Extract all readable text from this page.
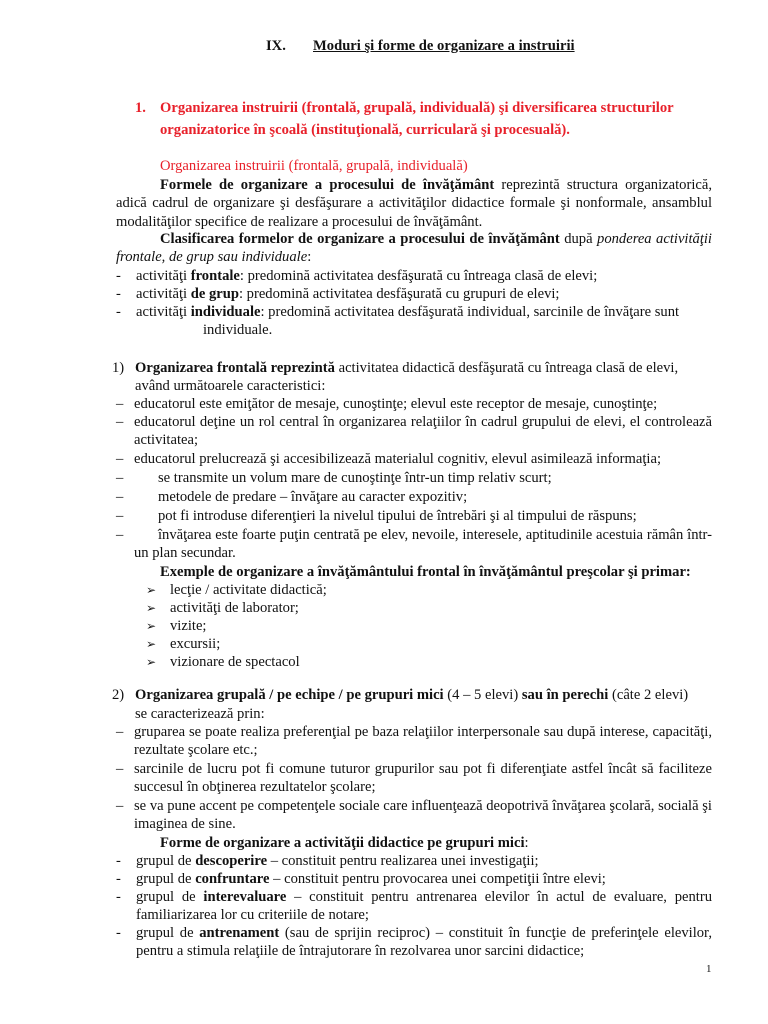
IX. Moduri şi forme de organizare a instruirii
1. Organizarea instruirii (frontală, grupală, individuală) şi diversificarea structurilor
organizatorice în şcoală (instituţională, curriculară şi procesuală).
Organizarea instruirii (frontală, grupală, individuală)
Formele de organizare a procesului de învăţământ reprezintă structura organizatorică, adică cadrul de organizare şi desfăşurare a activităţilor didactice formale şi nonformale, ansamblul modalităţilor specifice de realizare a procesului de învăţământ.
Clasificarea formelor de organizare a procesului de învăţământ după ponderea activităţii frontale, de grup sau individuale:
- activităţi frontale: predomină activitatea desfăşurată cu întreaga clasă de elevi;
- activităţi de grup: predomină activitatea desfăşurată cu grupuri de elevi;
- activităţi individuale: predomină activitatea desfăşurată individual, sarcinile de învăţare sunt
individuale.
1) Organizarea frontală reprezintă activitatea didactică desfăşurată cu întreaga clasă de elevi,
având următoarele caracteristici:
– educatorul este emiţător de mesaje, cunoştinţe; elevul este receptor de mesaje, cunoştinţe;
– educatorul deţine un rol central în organizarea relaţiilor în cadrul grupului de elevi, el controlează activitatea;
– educatorul prelucrează şi accesibilizează materialul cognitiv, elevul asimilează informaţia;
– se transmite un volum mare de cunoştinţe într-un timp relativ scurt;
– metodele de predare – învăţare au caracter expozitiv;
– pot fi introduse diferenţieri la nivelul tipului de întrebări şi al timpului de răspuns;
–	învăţarea este foarte puţin centrată pe elev, nevoile, interesele, aptitudinile acestuia rămân într-un plan secundar.
Exemple de organizare a învăţământului frontal în învăţământul preşcolar şi primar:
➢ lecţie / activitate didactică;
➢ activităţi de laborator;
➢ vizite;
➢ excursii;
➢ vizionare de spectacol
2) Organizarea grupală / pe echipe / pe grupuri mici (4 – 5 elevi) sau în perechi (câte 2 elevi)
se caracterizează prin:
– gruparea se poate realiza preferenţial pe baza relaţiilor interpersonale sau după interese, capacităţi, rezultate şcolare etc.;
– sarcinile de lucru pot fi comune tuturor grupurilor sau pot fi diferenţiate astfel încât să faciliteze succesul în obţinerea rezultatelor şcolare;
– se va pune accent pe competenţele sociale care influenţează deopotrivă învăţarea şcolară, socială şi imaginea de sine.
Forme de organizare a activităţii didactice pe grupuri mici:
- grupul de descoperire – constituit pentru realizarea unei investigaţii;
- grupul de confruntare – constituit pentru provocarea unei competiţii între elevi;
- grupul de interevaluare – constituit pentru antrenarea elevilor în actul de evaluare, pentru familiarizarea lor cu criteriile de notare;
- grupul de antrenament (sau de sprijin reciproc) – constituit în funcţie de preferinţele elevilor, pentru a stimula relaţiile de întrajutorare în rezolvarea unor sarcini didactice;
1
